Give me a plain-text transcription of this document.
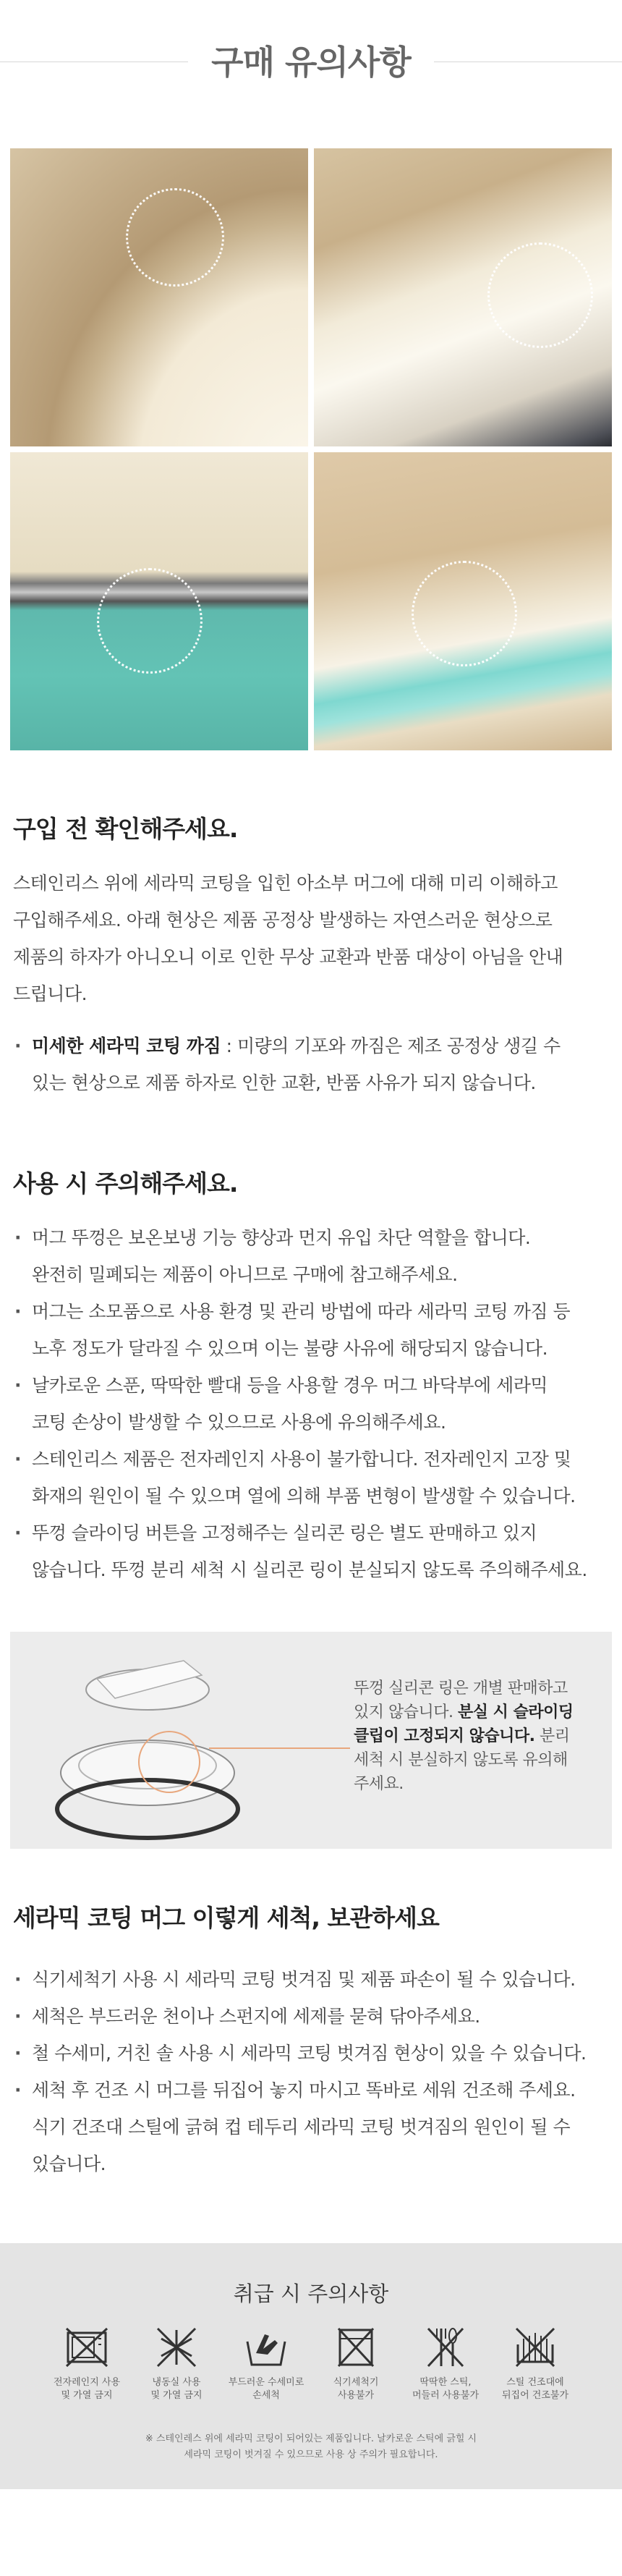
구매 유의사항
구입 전 확인해주세요.
스테인리스 위에 세라믹 코팅을 입힌 아소부 머그에 대해 미리 이해하고
구입해주세요. 아래 현상은 제품 공정상 발생하는 자연스러운 현상으로
제품의 하자가 아니오니 이로 인한 무상 교환과 반품 대상이 아님을 안내
드립니다.
· 미세한 세라믹 코팅 까짐 : 미량의 기포와 까짐은 제조 공정상 생길 수
있는 현상으로 제품 하자로 인한 교환, 반품 사유가 되지 않습니다.
사용 시 주의해주세요.
· 머그 뚜껑은 보온보냉 기능 향상과 먼지 유입 차단 역할을 합니다.
완전히 밀폐되는 제품이 아니므로 구매에 참고해주세요.
· 머그는 소모품으로 사용 환경 및 관리 방법에 따라 세라믹 코팅 까짐 등
노후 정도가 달라질 수 있으며 이는 불량 사유에 해당되지 않습니다.
· 날카로운 스푼, 딱딱한 빨대 등을 사용할 경우 머그 바닥부에 세라믹
코팅 손상이 발생할 수 있으므로 사용에 유의해주세요.
· 스테인리스 제품은 전자레인지 사용이 불가합니다. 전자레인지 고장 및
화재의 원인이 될 수 있으며 열에 의해 부품 변형이 발생할 수 있습니다.
· 뚜껑 슬라이딩 버튼을 고정해주는 실리콘 링은 별도 판매하고 있지
않습니다. 뚜껑 분리 세척 시 실리콘 링이 분실되지 않도록 주의해주세요.
뚜껑 실리콘 링은 개별 판매하고
있지 않습니다. 분실 시 슬라이딩
클립이 고정되지 않습니다. 분리
세척 시 분실하지 않도록 유의해
주세요.
세라믹 코팅 머그 이렇게 세척, 보관하세요
· 식기세척기 사용 시 세라믹 코팅 벗겨짐 및 제품 파손이 될 수 있습니다.
· 세척은 부드러운 천이나 스펀지에 세제를 묻혀 닦아주세요.
· 철 수세미, 거친 솔 사용 시 세라믹 코팅 벗겨짐 현상이 있을 수 있습니다.
· 세척 후 건조 시 머그를 뒤집어 놓지 마시고 똑바로 세워 건조해 주세요.
식기 건조대 스틸에 긁혀 컵 테두리 세라믹 코팅 벗겨짐의 원인이 될 수
있습니다.
취급 시 주의사항
전자레인지 사용
및 가열 금지
냉동실 사용
및 가열 금지
부드러운 수세미로
손세척
식기세척기
사용불가
딱딱한 스틱,
머들러 사용불가
스틸 건조대에
뒤집어 건조불가
※ 스테인레스 위에 세라믹 코팅이 되어있는 제품입니다. 날카로운 스틱에 긁힐 시
세라믹 코팅이 벗겨질 수 있으므로 사용 상 주의가 필요합니다.
